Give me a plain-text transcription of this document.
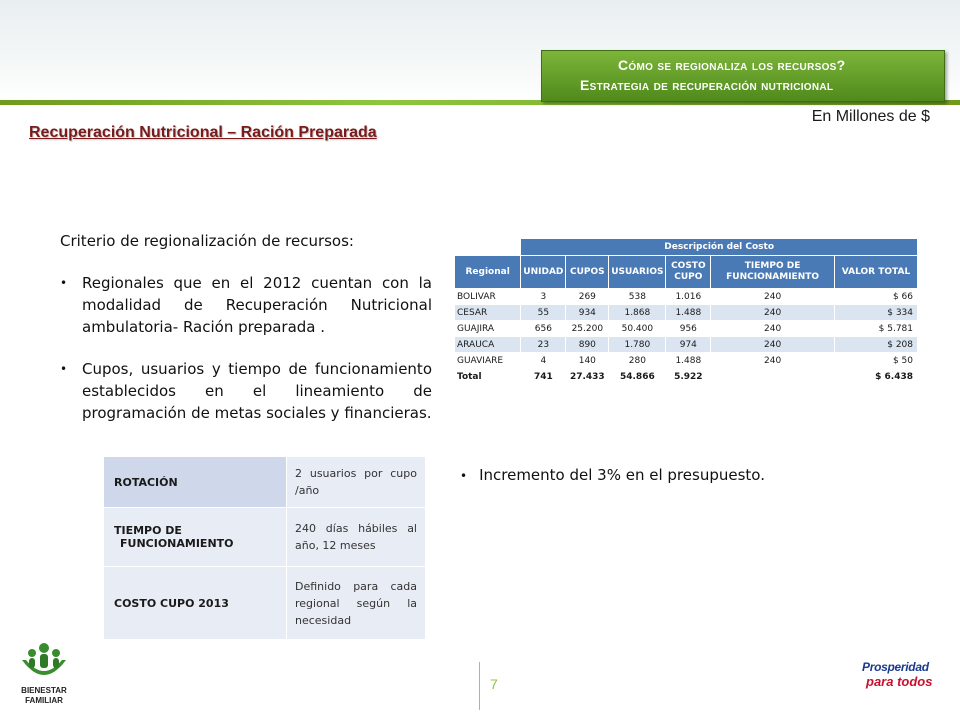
Cómo se regionaliza los recursos?
Estrategia de recuperación nutricional
En Millones de $
Recuperación Nutricional – Ración Preparada

Criterio de regionalización de recursos:

• Regionales que en el 2012 cuentan con la modalidad de Recuperación Nutricional ambulatoria- Ración preparada .
• Cupos, usuarios y tiempo de funcionamiento establecidos en el lineamiento de programación de metas sociales y financieras.
ROTACIÓN	2 usuarios por cupo /año

TIEMPO DE
FUNCIONAMIENTO	240 días hábiles al año, 12 meses
COSTO CUPO 2013	Definido para cada regional según la necesidad
	Descripción del Costo					
Regional	UNIDAD	CUPOS	USUARIOS	COSTO CUPO	TIEMPO DE FUNCIONAMIENTO	VALOR TOTAL
BOLIVAR	3	269	538	1.016	240	$ 66
CESAR	55	934	1.868	1.488	240	$ 334
GUAJIRA	656	25.200	50.400	956	240	$ 5.781
ARAUCA	23	890	1.780	974	240	$ 208
GUAVIARE	4	140	280	1.488	240	$ 50
Total	741	27.433	54.866	5.922		$ 6.438
• Incremento del 3% en el presupuesto.
7
BIENESTAR
FAMILIAR
Prosperidad
para todos
